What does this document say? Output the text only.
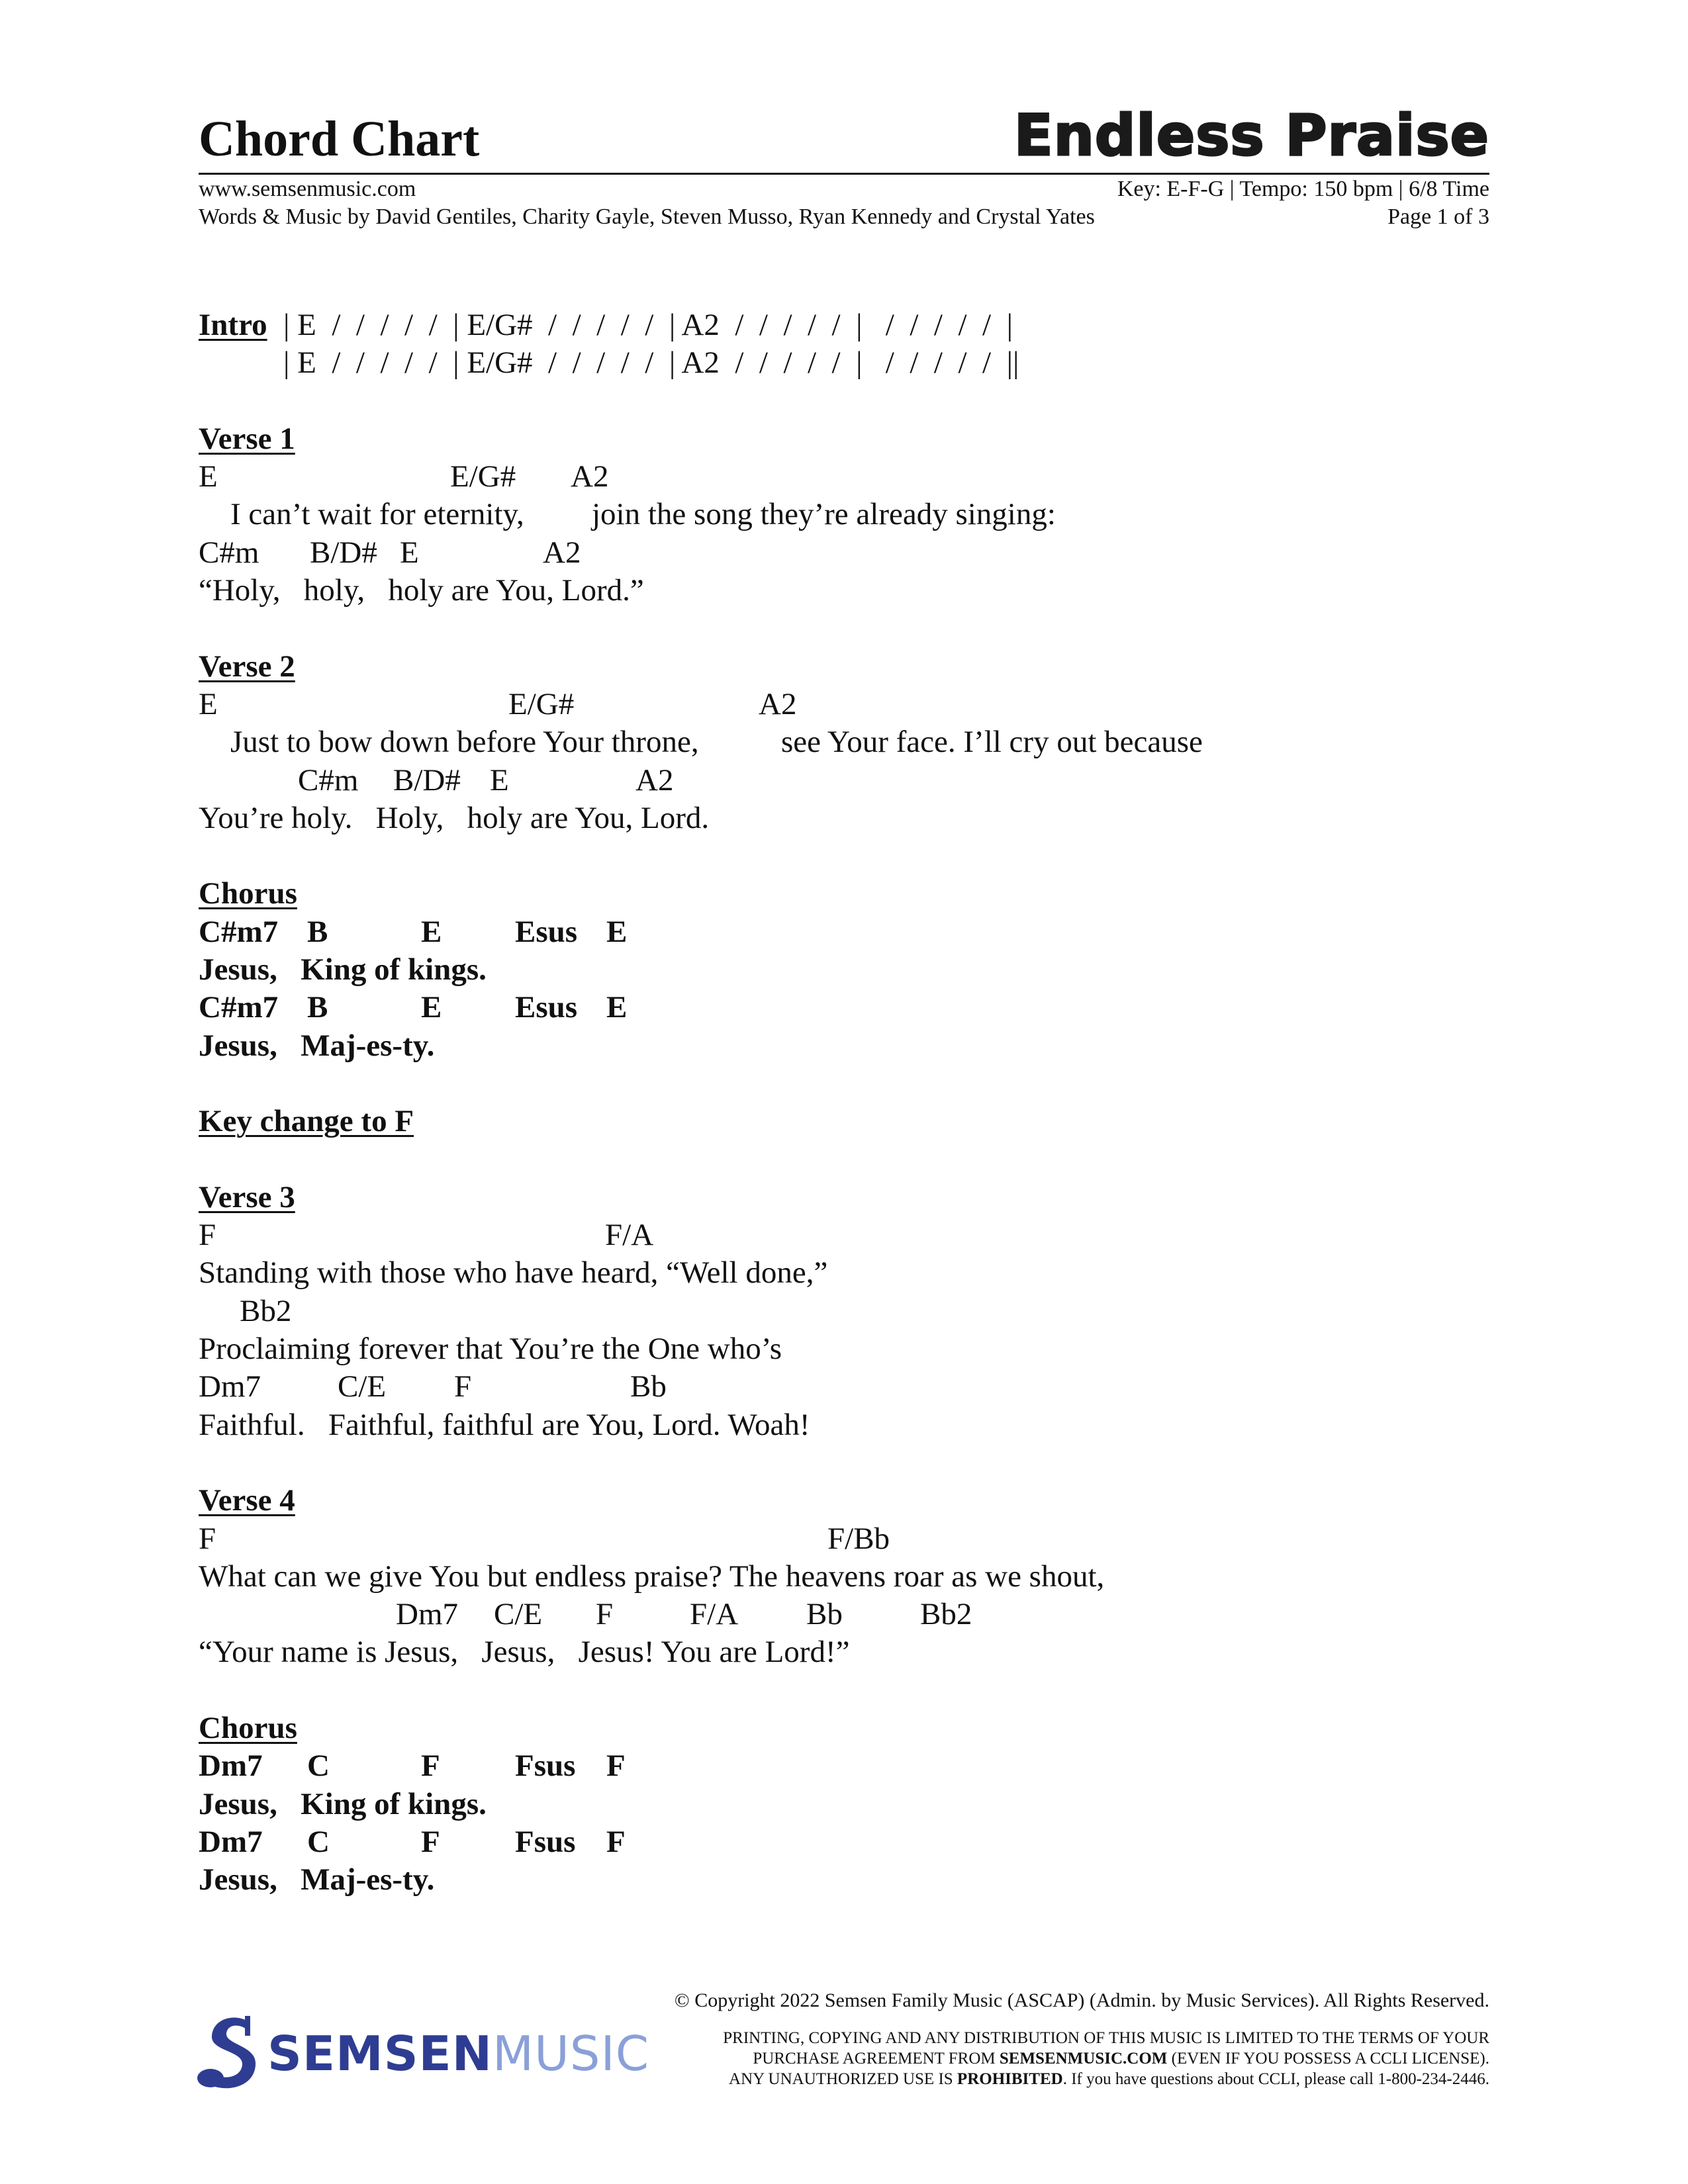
Chord Chart	Endless Praise
www.semsenmusic.com	Key: E-F-G | Tempo: 150 bpm | 6/8 Time
Words & Music by David Gentiles, Charity Gayle, Steven Musso, Ryan Kennedy and Crystal Yates	Page 1 of 3

Intro

| E  /  /  /  /  /  | E/G#  /  /  /  /  /  | A2  /  /  /  /  /  |   /  /  /  /  /  |

| E  /  /  /  /  /  | E/G#  /  /  /  /  /  | A2  /  /  /  /  /  |   /  /  /  /  /  ||

Verse 1

E

	E/G#

A2

I can’t wait for eternity,

join the song they’re already singing:

C#m

B/D#

E

	A2

“Holy,   holy,   holy are You, Lord.”

Verse 2

E

	E/G#

	A2

Just to bow down before Your throne,

	see Your face. I’ll cry out because

C#m

B/D#

E

	A2

You’re holy.   Holy,   holy are You, Lord.

Chorus

C#m7

B

	E

Esus

E

Jesus,   King of kings.

C#m7

B

	E

Esus

E

Jesus,   Maj-es-ty.

Key change to F
Verse 3

F

	F/A

Standing with those who have heard, “Well done,”

Bb2

Proclaiming forever that You’re the One who’s

Dm7

C/E

F

	Bb

Faithful.   Faithful, faithful are You, Lord. Woah!

Verse 4

F

	F/Bb

What can we give You but endless praise? The heavens roar as we shout,

Dm7

C/E

F

F/A

Bb

Bb2

“Your name is Jesus,   Jesus,   Jesus! You are Lord!”

Chorus

Dm7

C

	F

Fsus

F

Jesus,   King of kings.

Dm7

C

	F

Fsus

F

Jesus,   Maj-es-ty.

© Copyright 2022 Semsen Family Music (ASCAP) (Admin. by Music Services). All Rights Reserved.
PRINTING, COPYING AND ANY DISTRIBUTION OF THIS MUSIC IS LIMITED TO THE TERMS OF YOUR
PURCHASE AGREEMENT FROM SEMSENMUSIC.COM (EVEN IF YOU POSSESS A CCLI LICENSE).
ANY UNAUTHORIZED USE IS PROHIBITED. If you have questions about CCLI, please call 1-800-234-2446.
SEMSENMUSIC
